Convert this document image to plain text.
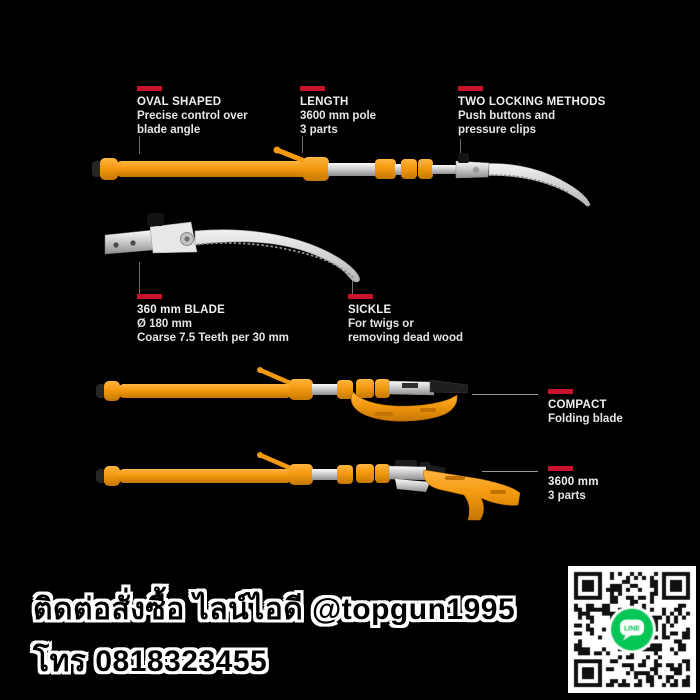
OVAL SHAPED
Precise control over
blade angle
LENGTH
3600 mm pole
3 parts
TWO LOCKING METHODS
Push buttons and
pressure clips
360 mm BLADE
Ø 180 mm
Coarse 7.5 Teeth per 30 mm
SICKLE
For twigs or
removing dead wood
COMPACT
Folding blade
3600 mm
3 parts
ติดต่อสั่งซื้อ ไลน์ไอดี @topgun1995
โทร 0818323455
